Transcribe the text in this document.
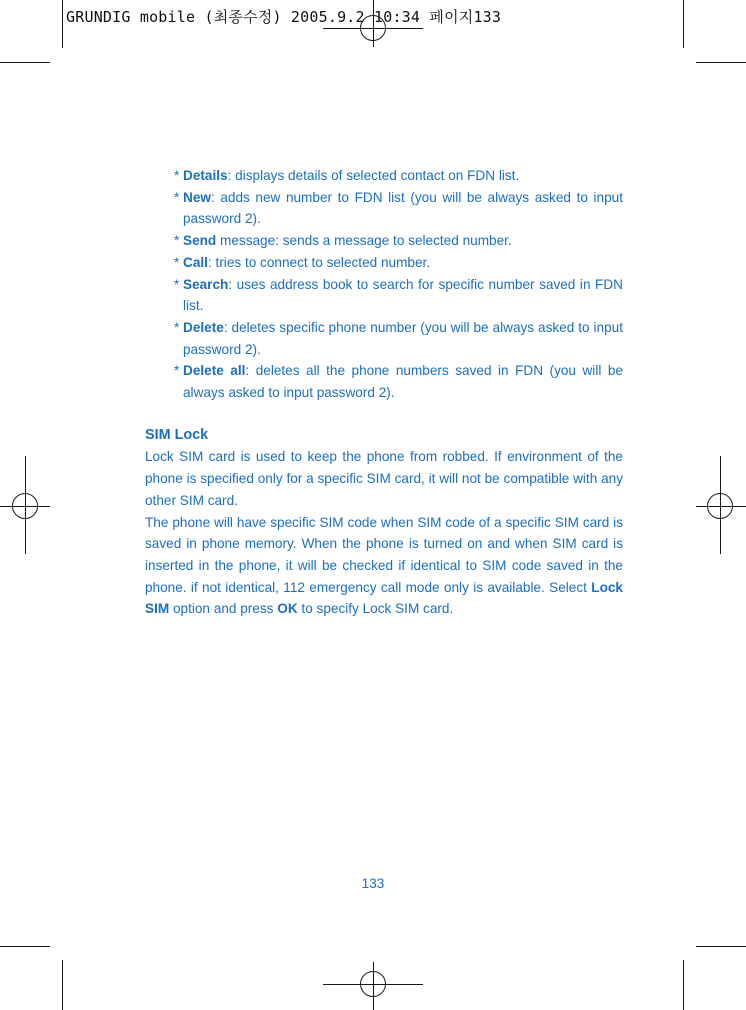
GRUNDIG mobile (최종수정) 2005.9.2 10:34 페이지133
* Details: displays details of selected contact on FDN list.
* New: adds new number to FDN list (you will be always asked to input password 2).
* Send message: sends a message to selected number.
* Call: tries to connect to selected number.
* Search: uses address book to search for specific number saved in FDN list.
* Delete: deletes specific phone number (you will be always asked to input password 2).
* Delete all: deletes all the phone numbers saved in FDN (you will be always asked to input password 2).
SIM Lock
Lock SIM card is used to keep the phone from robbed. If environment of the phone is specified only for a specific SIM card, it will not be compatible with any other SIM card.
The phone will have specific SIM code when SIM code of a specific SIM card is saved in phone memory. When the phone is turned on and when SIM card is inserted in the phone, it will be checked if identical to SIM code saved in the phone. if not identical, 112 emergency call mode only is available. Select Lock SIM option and press OK to specify Lock SIM card.
133
